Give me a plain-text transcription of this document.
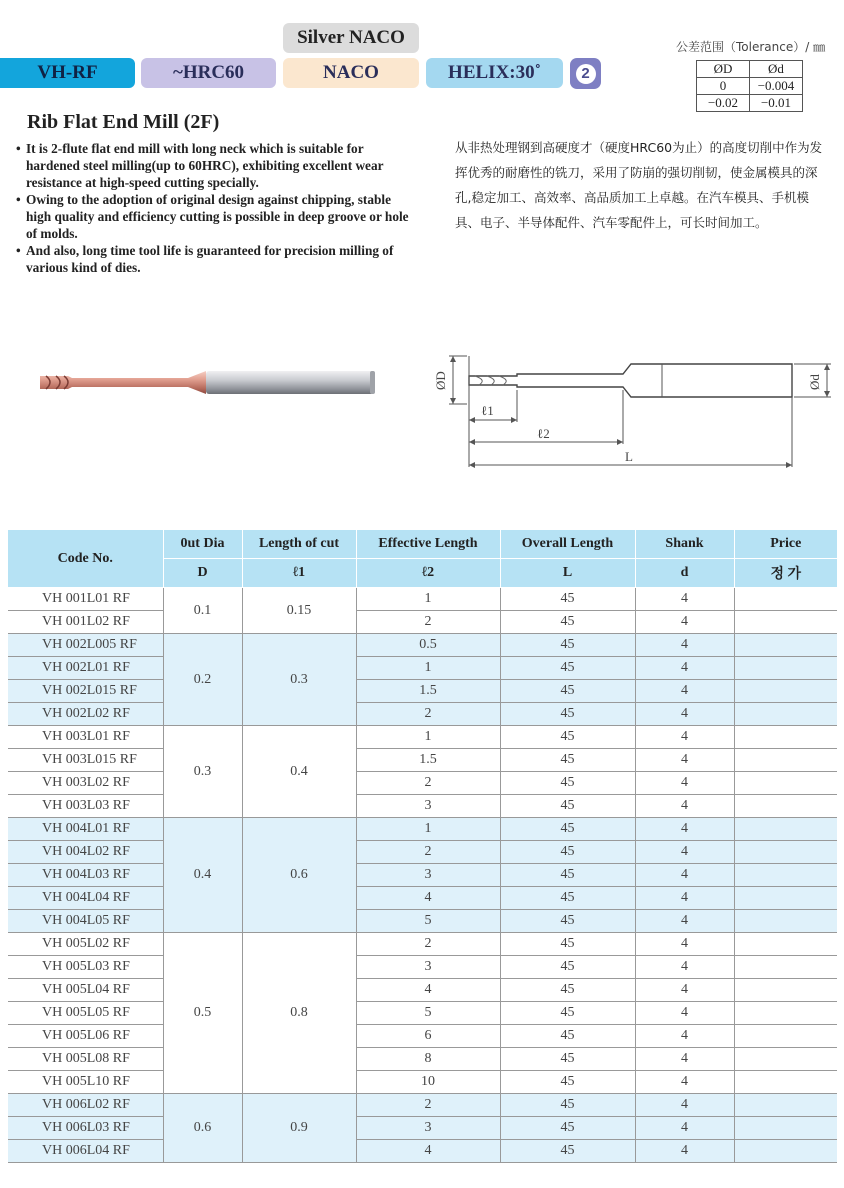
Silver NACO
VH-RF	~HRC60	NACO	HELIX:30˚	2
公差范围（Tolerance）/ ㎜
ØD	Ød
0	−0.004
−0.02	−0.01
Rib Flat End Mill (2F)
• It is 2-flute flat end mill with long neck which is suitable for hardened steel milling(up to 60HRC), exhibiting excellent wear resistance at high-speed cutting specially.
• Owing to the adoption of original design against chipping, stable high quality and efficiency cutting is possible in deep groove or hole of molds.
• And also, long time tool life is guaranteed for precision milling of various kind of dies.
从非热处理钢到高硬度才（硬度HRC60为止）的高度切削中作为发挥优秀的耐磨性的铣刀，采用了防崩的强切削韧，使金属模具的深孔,稳定加工、高效率、高品质加工上卓越。在汽车模具、手机模具、电子、半导体配件、汽车零配件上，可长时间加工。
ØD	Ød
ℓ1
ℓ2
L
Code No.	0ut Dia	Length of cut	Effective Length	Overall Length	Shank	Price
	D	ℓ1	ℓ2	L	d	정 가
VH 001L01 RF	0.1	0.15	1	45	4	
VH 001L02 RF			2	45	4	
VH 002L005 RF	0.2	0.3	0.5	45	4	
VH 002L01 RF			1	45	4	
VH 002L015 RF			1.5	45	4	
VH 002L02 RF			2	45	4	
VH 003L01 RF	0.3	0.4	1	45	4	
VH 003L015 RF			1.5	45	4	
VH 003L02 RF			2	45	4	
VH 003L03 RF			3	45	4	
VH 004L01 RF	0.4	0.6	1	45	4	
VH 004L02 RF			2	45	4	
VH 004L03 RF			3	45	4	
VH 004L04 RF			4	45	4	
VH 004L05 RF			5	45	4	
VH 005L02 RF	0.5	0.8	2	45	4	
VH 005L03 RF			3	45	4	
VH 005L04 RF			4	45	4	
VH 005L05 RF			5	45	4	
VH 005L06 RF			6	45	4	
VH 005L08 RF			8	45	4	
VH 005L10 RF			10	45	4	
VH 006L02 RF	0.6	0.9	2	45	4	
VH 006L03 RF			3	45	4	
VH 006L04 RF			4	45	4	
